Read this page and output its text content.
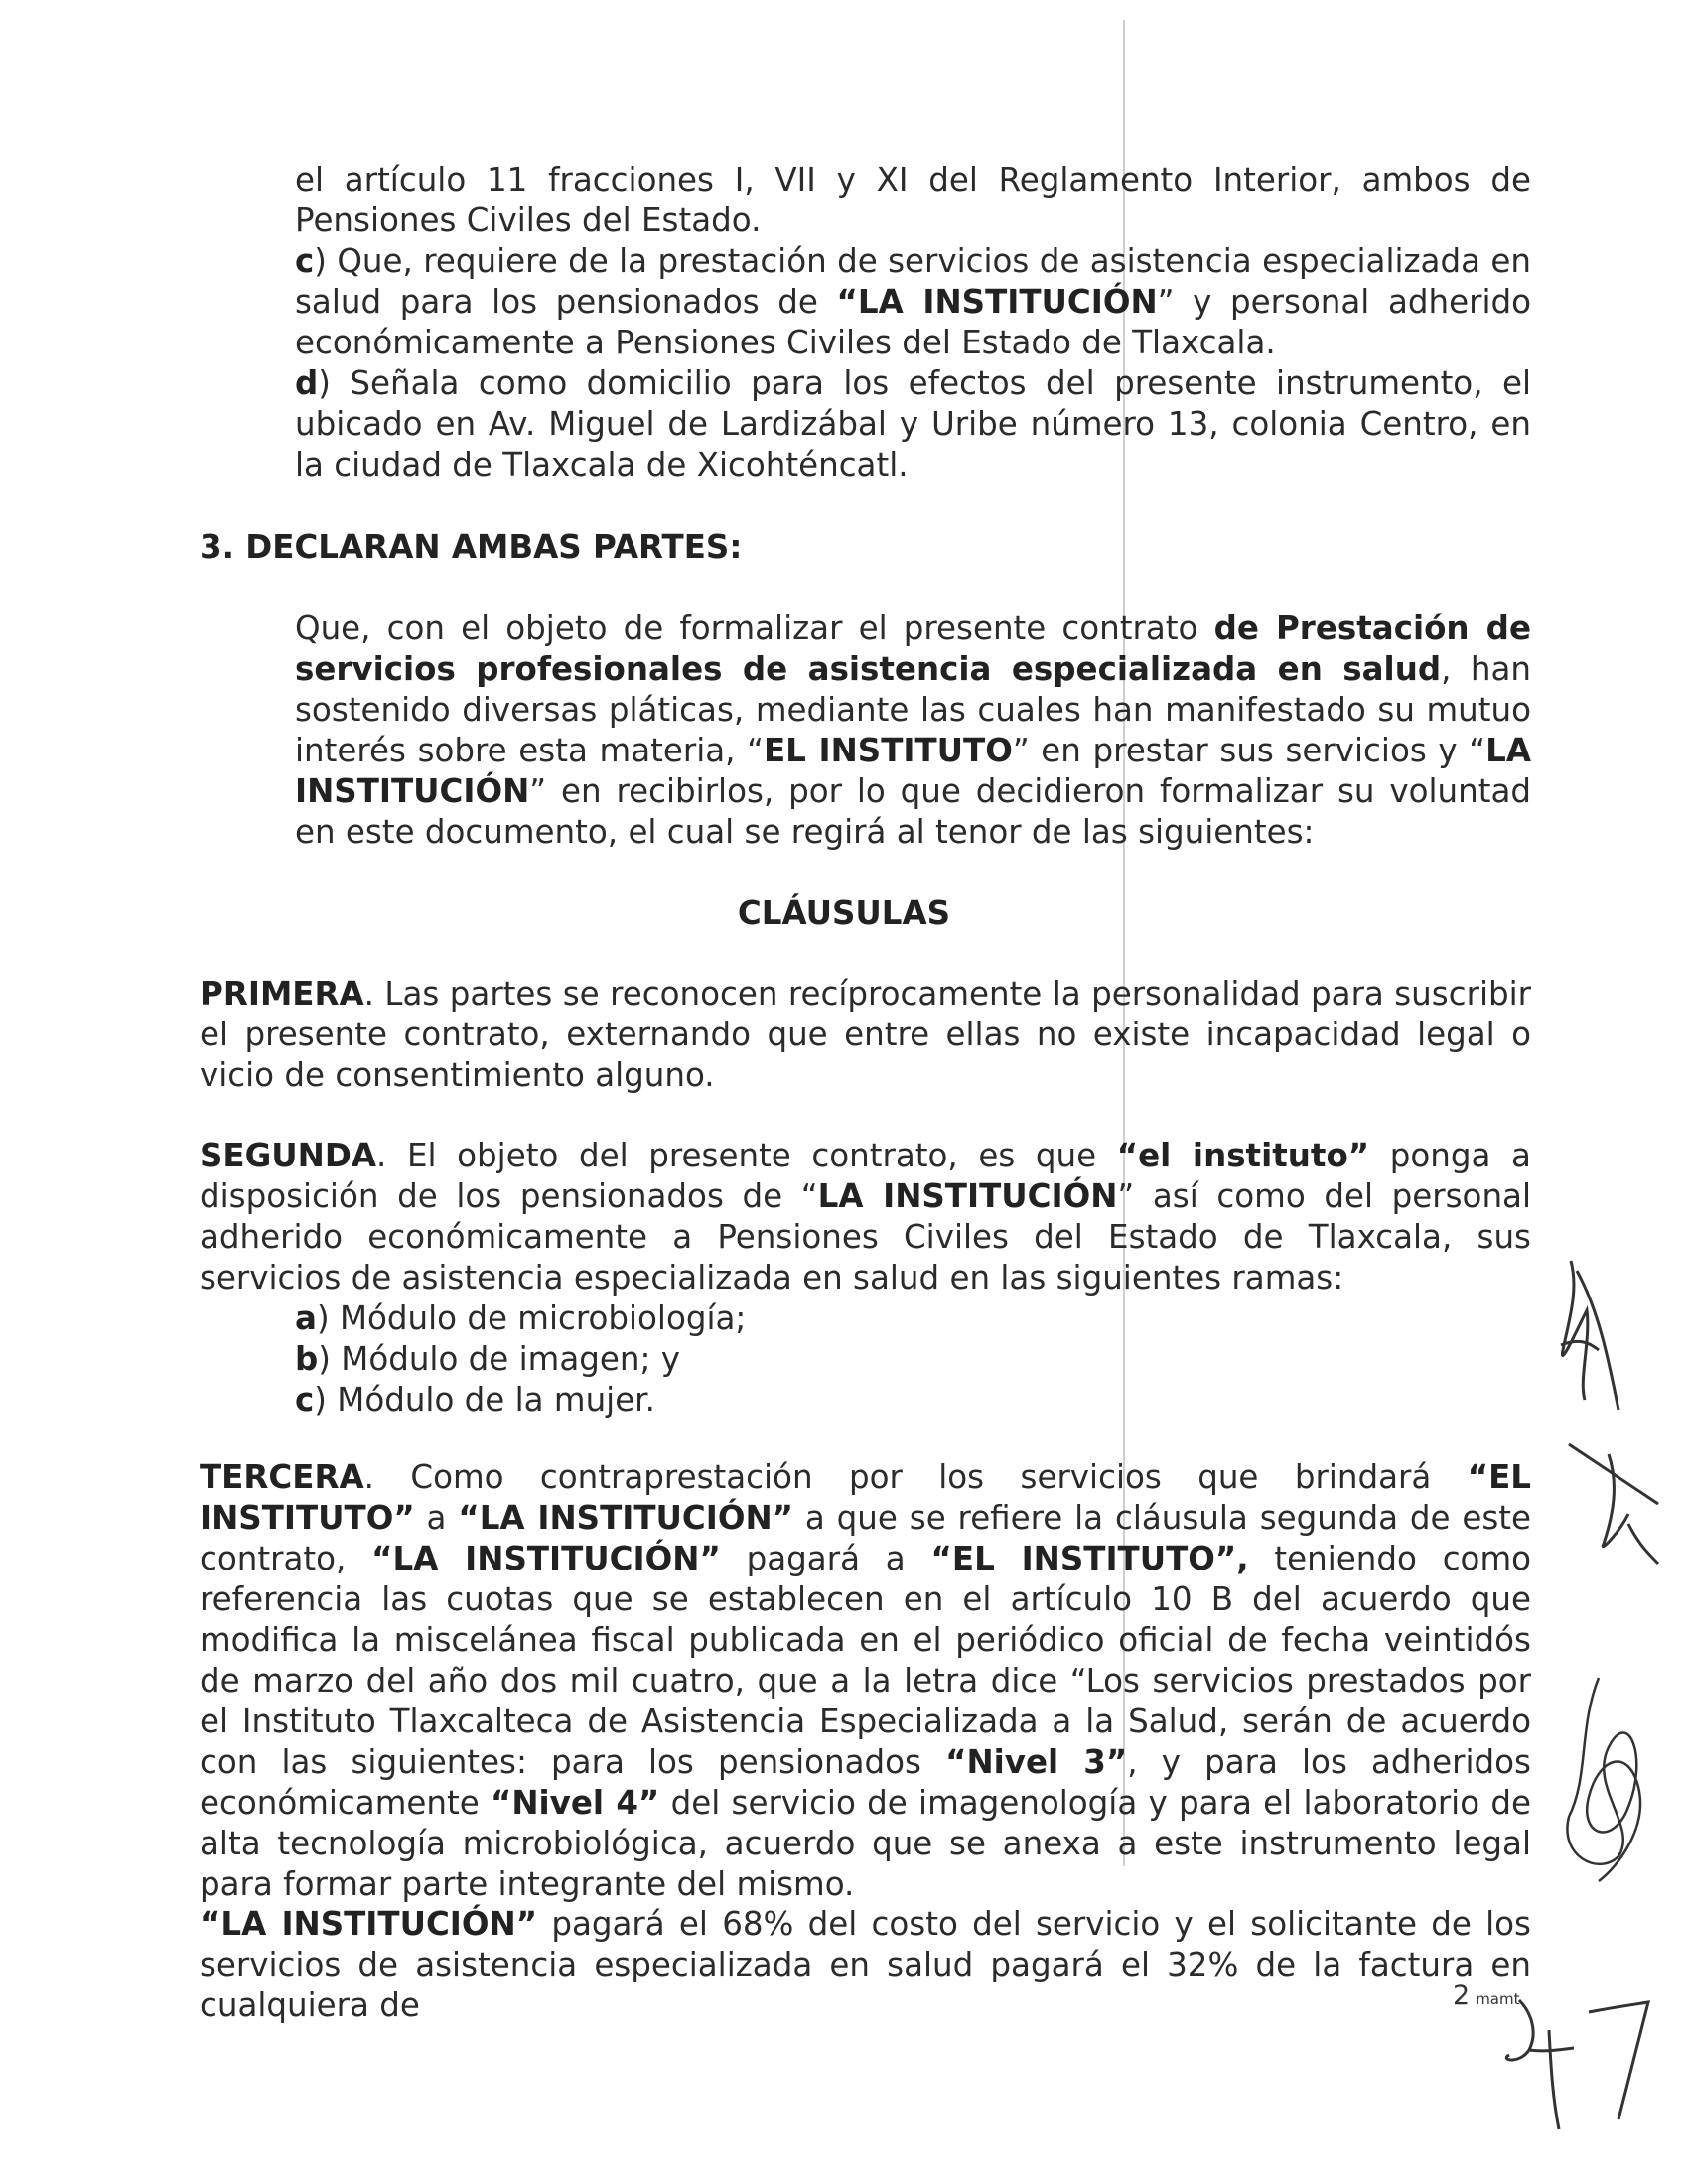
el artículo 11 fracciones I, VII y XI del Reglamento Interior, ambos de Pensiones Civiles del Estado.

c) Que, requiere de la prestación de servicios de asistencia especializada en salud para los pensionados de “LA INSTITUCIÓN” y personal adherido económicamente a Pensiones Civiles del Estado de Tlaxcala.

d) Señala como domicilio para los efectos del presente instrumento, el ubicado en Av. Miguel de Lardizábal y Uribe número 13, colonia Centro, en la ciudad de Tlaxcala de Xicohténcatl.

3. DECLARAN AMBAS PARTES:

Que, con el objeto de formalizar el presente contrato de Prestación de servicios profesionales de asistencia especializada en salud, han sostenido diversas pláticas, mediante las cuales han manifestado su mutuo interés sobre esta materia, “EL INSTITUTO” en prestar sus servicios y “LA INSTITUCIÓN” en recibirlos, por lo que decidieron formalizar su voluntad en este documento, el cual se regirá al tenor de las siguientes:

CLÁUSULAS

PRIMERA. Las partes se reconocen recíprocamente la personalidad para suscribir el presente contrato, externando que entre ellas no existe incapacidad legal o vicio de consentimiento alguno.

SEGUNDA. El objeto del presente contrato, es que “el instituto” ponga a disposición de los pensionados de “LA INSTITUCIÓN” así como del personal adherido económicamente a Pensiones Civiles del Estado de Tlaxcala, sus servicios de asistencia especializada en salud en las siguientes ramas:

a) Módulo de microbiología;
b) Módulo de imagen; y
c) Módulo de la mujer.

TERCERA. Como contraprestación por los servicios que brindará “EL INSTITUTO” a “LA INSTITUCIÓN” a que se refiere la cláusula segunda de este contrato, “LA INSTITUCIÓN” pagará a “EL INSTITUTO”, teniendo como referencia las cuotas que se establecen en el artículo 10 B del acuerdo que modifica la miscelánea fiscal publicada en el periódico oficial de fecha veintidós de marzo del año dos mil cuatro, que a la letra dice “Los servicios prestados por el Instituto Tlaxcalteca de Asistencia Especializada a la Salud, serán de acuerdo con las siguientes: para los pensionados “Nivel 3”, y para los adheridos económicamente “Nivel 4” del servicio de imagenología y para el laboratorio de alta tecnología microbiológica, acuerdo que se anexa a este instrumento legal para formar parte integrante del mismo.

“LA INSTITUCIÓN” pagará el 68% del costo del servicio y el solicitante de los servicios de asistencia especializada en salud pagará el 32% de la factura en cualquiera de	2 mamt
